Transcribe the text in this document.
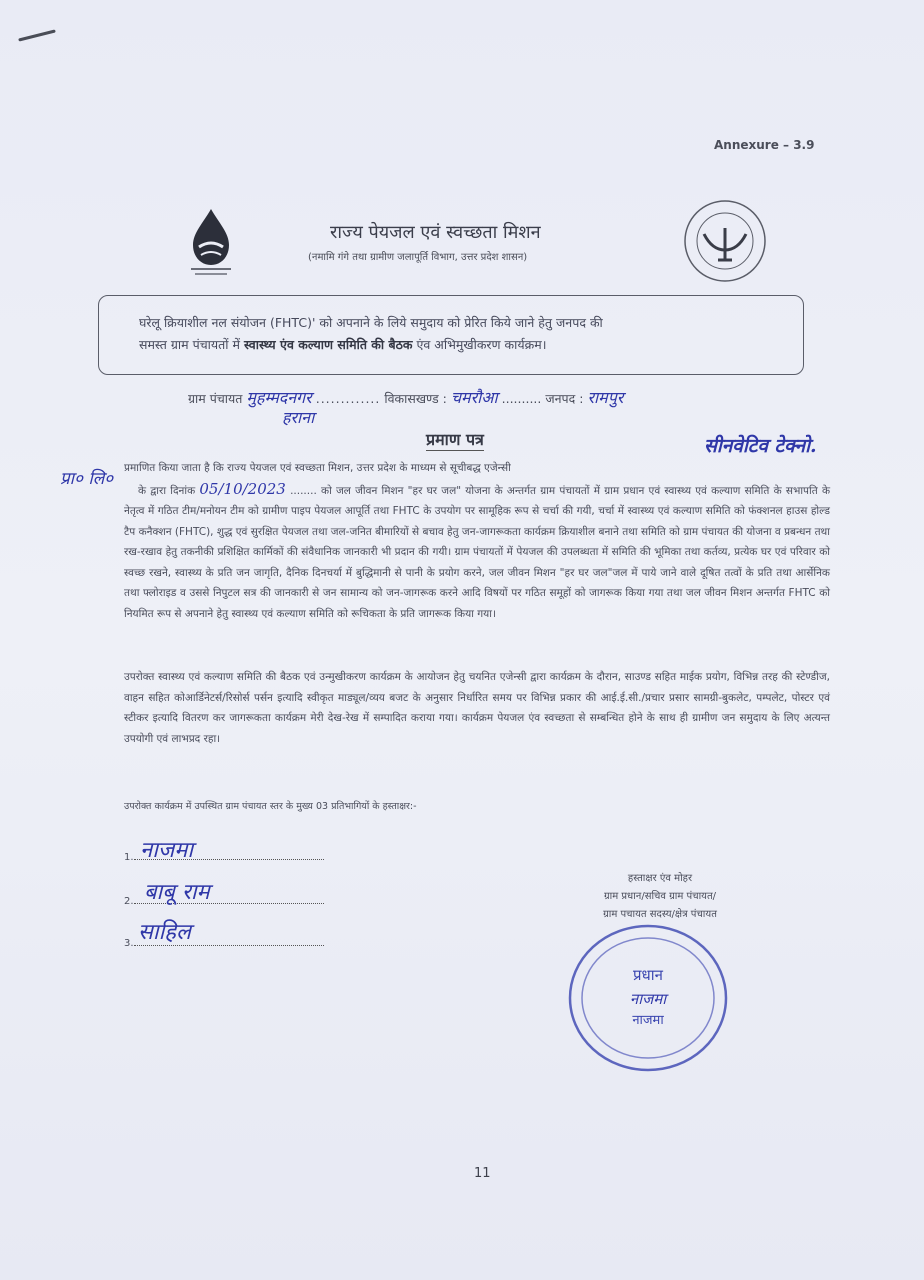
Annexure – 3.9
राज्य पेयजल एवं स्वच्छता मिशन
(नमामि गंगे तथा ग्रामीण जलापूर्ति विभाग, उत्तर प्रदेश शासन)
घरेलू क्रियाशील नल संयोजन (FHTC)' को अपनाने के लिये समुदाय को प्रेरित किये जाने हेतु जनपद की
समस्त ग्राम पंचायतों में स्वास्थ्य एंव कल्याण समिति की बैठक एंव अभिमुखीकरण कार्यक्रम।
ग्राम पंचायत मुहम्मदनगर ............. विकासखण्ड : चमरौआ .......... जनपद : रामपुर
हराना
प्रमाण पत्र	सीनवेटिव टेक्नो.
प्रा० लि०
प्रमाणित किया जाता है कि राज्य पेयजल एवं स्वच्छता मिशन, उत्तर प्रदेश के माध्यम से सूचीबद्ध एजेन्सी
के द्वारा दिनांक 05/10/2023 ........ को जल जीवन मिशन "हर घर जल" योजना के अन्तर्गत ग्राम पंचायतों में ग्राम प्रधान एवं स्वास्थ्य एवं कल्याण समिति के सभापति के नेतृत्व में गठित टीम/मनोयन टीम को ग्रामीण पाइप पेयजल आपूर्ति तथा FHTC के उपयोग पर सामूहिक रूप से चर्चा की गयी, चर्चा में स्वास्थ्य एवं कल्याण समिति को फंक्शनल हाउस होल्ड टैप कनैक्शन (FHTC), शुद्ध एवं सुरक्षित पेयजल तथा जल-जनित बीमारियों से बचाव हेतु जन-जागरूकता कार्यक्रम क्रियाशील बनाने तथा समिति को ग्राम पंचायत की योजना व प्रबन्धन तथा रख-रखाव हेतु तकनीकी प्रशिक्षित कार्मिकों की संवैधानिक जानकारी भी प्रदान की गयी। ग्राम पंचायतों में पेयजल की उपलब्धता में समिति की भूमिका तथा कर्तव्य, प्रत्येक घर एवं परिवार को स्वच्छ रखने, स्वास्थ्य के प्रति जन जागृति, दैनिक दिनचर्या में बुद्धिमानी से पानी के प्रयोग करने, जल जीवन मिशन "हर घर जल"जल में पाये जाने वाले दूषित तत्वों के प्रति तथा आर्सेनिक तथा फ्लोराइड व उससे निपुटल सत्र की जानकारी से जन सामान्य को जन-जागरूक करने आदि विषयों पर गठित समूहों को जागरूक किया गया तथा जल जीवन मिशन अन्तर्गत FHTC को नियमित रूप से अपनाने हेतु स्वास्थ्य एवं कल्याण समिति को रूचिकता के प्रति जागरूक किया गया।
उपरोक्त स्वास्थ्य एवं कल्याण समिति की बैठक एवं उन्मुखीकरण कार्यक्रम के आयोजन हेतु चयनित एजेन्सी द्वारा कार्यक्रम के दौरान, साउण्ड सहित माईक प्रयोग, विभिन्न तरह की स्टेण्डीज, वाहन सहित कोआर्डिनेटर्स/रिसोर्स पर्सन इत्यादि स्वीकृत माड्यूल/व्यय बजट के अनुसार निर्धारित समय पर विभिन्न प्रकार की आई.ई.सी./प्रचार प्रसार सामग्री-बुकलेट, पम्पलेट, पोस्टर एवं स्टीकर इत्यादि वितरण कर जागरूकता कार्यक्रम मेरी देख-रेख में सम्पादित कराया गया। कार्यक्रम पेयजल एंव स्वच्छता से सम्बन्धित होने के साथ ही ग्रामीण जन समुदाय के लिए अत्यन्त उपयोगी एवं लाभप्रद रहा।
उपरोक्त कार्यक्रम में उपस्थित ग्राम पंचायत स्तर के मुख्य 03 प्रतिभागियों के हस्ताक्षर:-
1. नाजमा
2. बाबू राम
3. साहिल
हस्ताक्षर एंव मोहर
ग्राम प्रधान/सचिव ग्राम पंचायत/
ग्राम पचायत सदस्य/क्षेत्र पंचायत
प्रधान
नाजमा
नाजमा
11
